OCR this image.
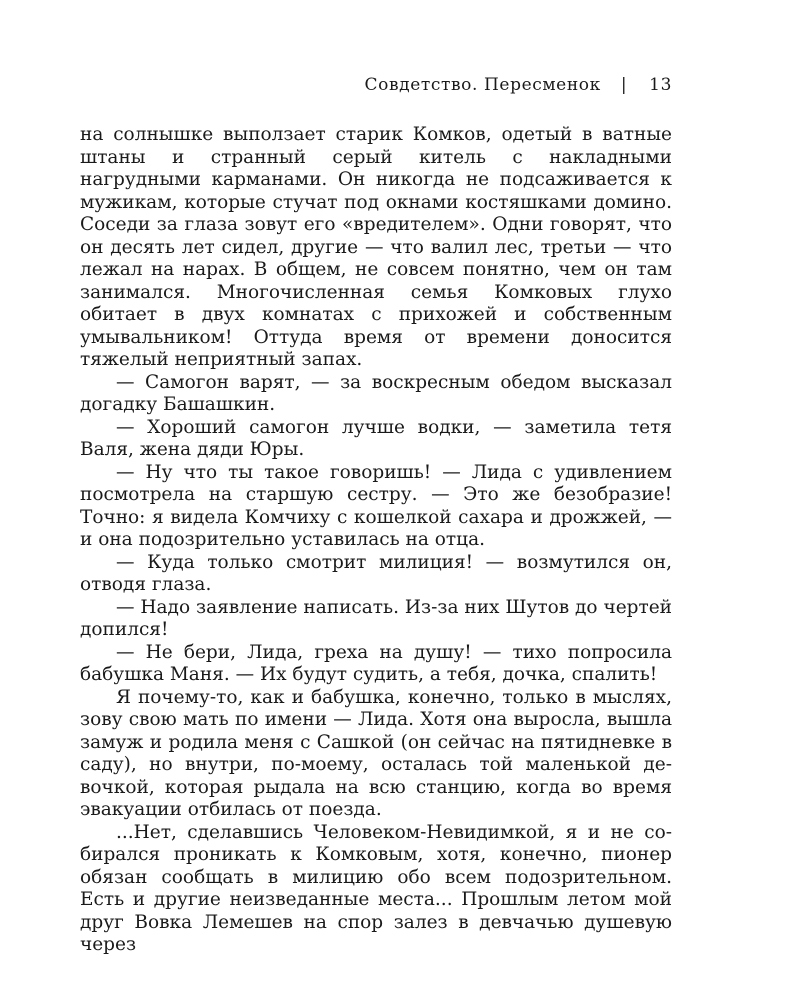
Совдетство. Пересменок | 13

на солнышке выползает старик Комков, одетый в ватные штаны и странный серый китель с накладными нагрудными карманами. Он никогда не подсаживается к мужикам, которые стучат под окнами костяшками домино. Соседи за глаза зовут его «вредителем». Одни говорят, что он десять лет сидел, другие — что валил лес, третьи — что лежал на нарах. В общем, не совсем понятно, чем он там занимался. Многочисленная семья Комковых глухо обитает в двух комнатах с прихожей и собственным умывальником! Оттуда время от времени доносится тяжелый неприятный запах.

— Самогон варят, — за воскресным обедом высказал догадку Башашкин.

— Хороший самогон лучше водки, — заметила тетя Валя, жена дяди Юры.

— Ну что ты такое говоришь! — Лида с удивлением посмотрела на старшую сестру. — Это же безобразие! Точно: я видела Комчиху с кошелкой сахара и дрожжей, — и она подозрительно уставилась на отца.

— Куда только смотрит милиция! — возмутился он, отводя глаза.

— Надо заявление написать. Из-за них Шутов до чертей допился!

— Не бери, Лида, греха на душу! — тихо попросила бабушка Маня. — Их будут судить, а тебя, дочка, спалить!

Я почему-то, как и бабушка, конечно, только в мыслях, зову свою мать по имени — Лида. Хотя она выросла, вышла замуж и родила меня с Сашкой (он сейчас на пятидневке в саду), но внутри, по-моему, осталась той маленькой девочкой, которая рыдала на всю станцию, когда во время эвакуации отбилась от поезда.

...Нет, сделавшись Человеком-Невидимкой, я и не собирался проникать к Комковым, хотя, конечно, пионер обязан сообщать в милицию обо всем подозрительном. Есть и другие неизведанные места... Прошлым летом мой друг Вовка Лемешев на спор залез в девчачью душевую через
